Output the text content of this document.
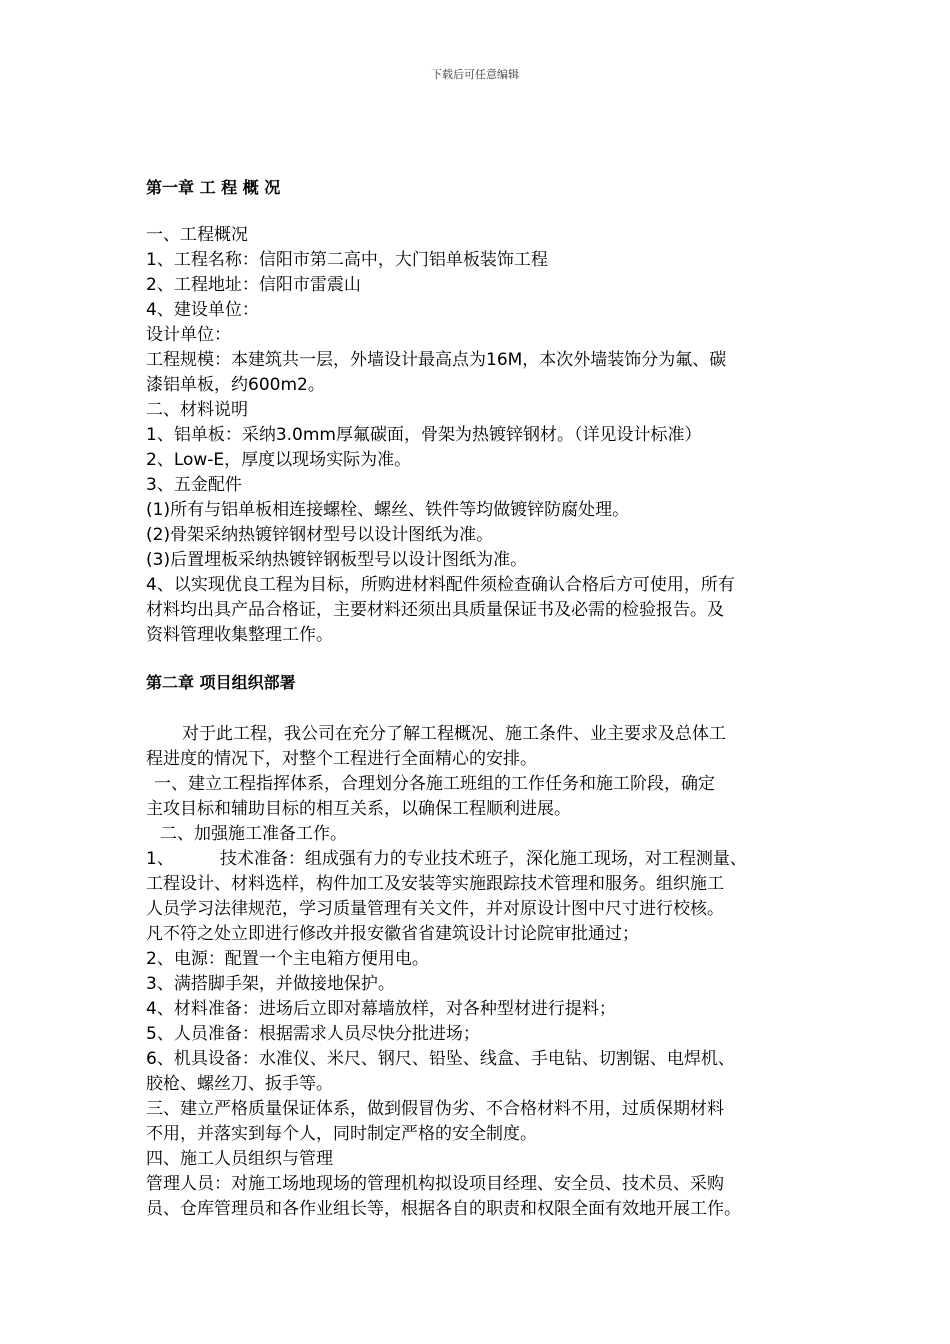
下载后可任意编辑
第一章 工 程 概 况
一、工程概况
1、工程名称：信阳市第二高中，大门铝单板装饰工程
2、工程地址：信阳市雷震山
4、建设单位：
设计单位：
工程规模：本建筑共一层，外墙设计最高点为16M，本次外墙装饰分为氟、碳
漆铝单板，约600m2。
二、材料说明
1、铝单板：采纳3.0mm厚氟碳面，骨架为热镀锌钢材。（详见设计标准）
2、Low-E，厚度以现场实际为准。
3、五金配件
(1)所有与铝单板相连接螺栓、螺丝、铁件等均做镀锌防腐处理。
(2)骨架采纳热镀锌钢材型号以设计图纸为准。
(3)后置埋板采纳热镀锌钢板型号以设计图纸为准。
4、以实现优良工程为目标，所购进材料配件须检查确认合格后方可使用，所有
材料均出具产品合格证，主要材料还须出具质量保证书及必需的检验报告。及
资料管理收集整理工作。
第二章 项目组织部署
对于此工程，我公司在充分了解工程概况、施工条件、业主要求及总体工
程进度的情况下，对整个工程进行全面精心的安排。
一、建立工程指挥体系，合理划分各施工班组的工作任务和施工阶段，确定
主攻目标和辅助目标的相互关系，以确保工程顺利进展。
二、加强施工准备工作。
1、	技术准备：组成强有力的专业技术班子，深化施工现场，对工程测量、
工程设计、材料选样，构件加工及安装等实施跟踪技术管理和服务。组织施工
人员学习法律规范，学习质量管理有关文件，并对原设计图中尺寸进行校核。
凡不符之处立即进行修改并报安徽省省建筑设计讨论院审批通过；
2、电源：配置一个主电箱方便用电。
3、满搭脚手架，并做接地保护。
4、材料准备：进场后立即对幕墙放样，对各种型材进行提料；
5、人员准备：根据需求人员尽快分批进场；
6、机具设备：水准仪、米尺、钢尺、铅坠、线盒、手电钻、切割锯、电焊机、
胶枪、螺丝刀、扳手等。
三、建立严格质量保证体系，做到假冒伪劣、不合格材料不用，过质保期材料
不用，并落实到每个人，同时制定严格的安全制度。
四、施工人员组织与管理
管理人员：对施工场地现场的管理机构拟设项目经理、安全员、技术员、采购
员、仓库管理员和各作业组长等，根据各自的职责和权限全面有效地开展工作。
